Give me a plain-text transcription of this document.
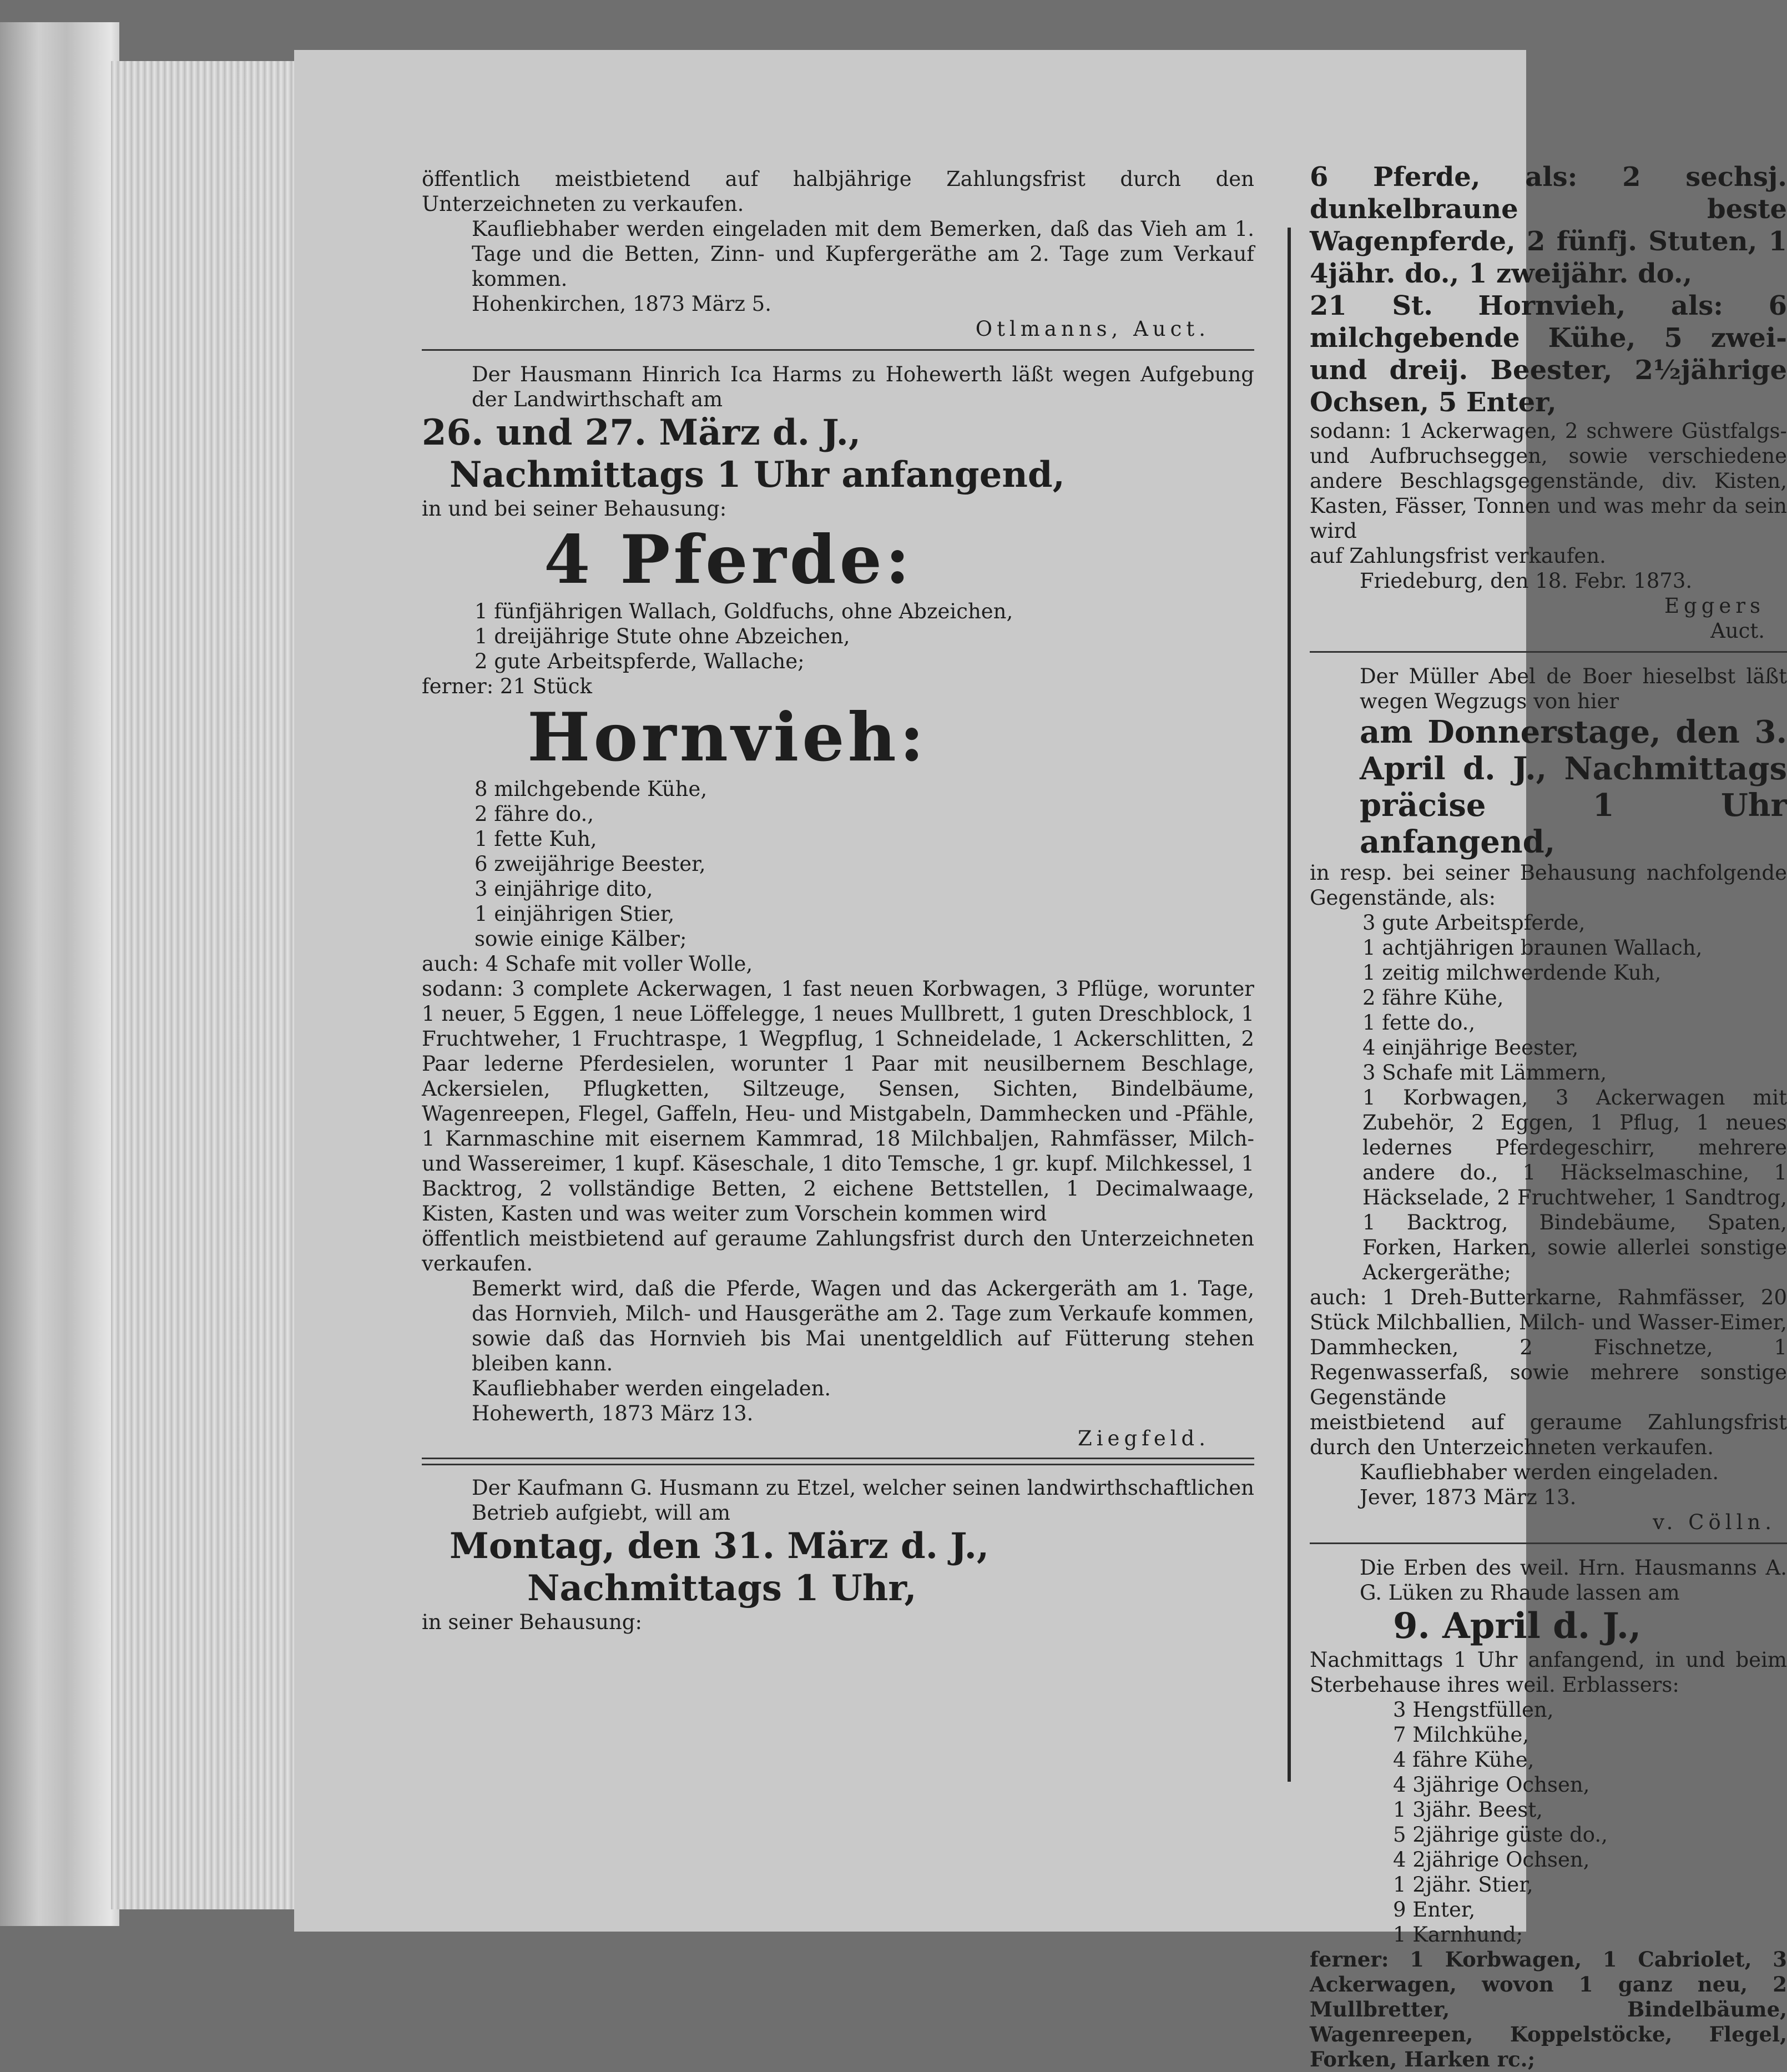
öffentlich meistbietend auf halbjährige Zahlungsfrist durch den Unterzeichneten zu verkaufen.

Kaufliebhaber werden eingeladen mit dem Bemerken, daß das Vieh am 1. Tage und die Betten, Zinn- und Kupfergeräthe am 2. Tage zum Verkauf kommen.

Hohenkirchen, 1873 März 5.

Otlmanns, Auct.

Der Hausmann Hinrich Ica Harms zu Hohewerth läßt wegen Aufgebung der Landwirthschaft am

26. und 27. März d. J.,

Nachmittags 1 Uhr anfangend,

in und bei seiner Behausung:

4 Pferde:

1 fünfjährigen Wallach, Goldfuchs, ohne Abzeichen,

1 dreijährige Stute ohne Abzeichen,

2 gute Arbeitspferde, Wallache;

ferner: 21 Stück

Hornvieh:

8 milchgebende Kühe,

2 fähre do.,

1 fette Kuh,

6 zweijährige Beester,

3 einjährige dito,

1 einjährigen Stier,

sowie einige Kälber;

auch: 4 Schafe mit voller Wolle,

sodann: 3 complete Ackerwagen, 1 fast neuen Korbwagen, 3 Pflüge, worunter 1 neuer, 5 Eggen, 1 neue Löffelegge, 1 neues Mullbrett, 1 guten Dreschblock, 1 Fruchtweher, 1 Fruchtraspe, 1 Wegpflug, 1 Schneidelade, 1 Ackerschlitten, 2 Paar lederne Pferdesielen, worunter 1 Paar mit neusilbernem Beschlage, Ackersielen, Pflugketten, Siltzeuge, Sensen, Sichten, Bindelbäume, Wagenreepen, Flegel, Gaffeln, Heu- und Mistgabeln, Dammhecken und -Pfähle, 1 Karnmaschine mit eisernem Kammrad, 18 Milchbaljen, Rahmfässer, Milch- und Wassereimer, 1 kupf. Käseschale, 1 dito Temsche, 1 gr. kupf. Milchkessel, 1 Backtrog, 2 vollständige Betten, 2 eichene Bettstellen, 1 Decimalwaage, Kisten, Kasten und was weiter zum Vorschein kommen wird

öffentlich meistbietend auf geraume Zahlungsfrist durch den Unterzeichneten verkaufen.

Bemerkt wird, daß die Pferde, Wagen und das Ackergeräth am 1. Tage, das Hornvieh, Milch- und Hausgeräthe am 2. Tage zum Verkaufe kommen, sowie daß das Hornvieh bis Mai unentgeldlich auf Fütterung stehen bleiben kann.

Kaufliebhaber werden eingeladen.

Hohewerth, 1873 März 13.

Ziegfeld.

Der Kaufmann G. Husmann zu Etzel, welcher seinen landwirthschaftlichen Betrieb aufgiebt, will am

Montag, den 31. März d. J.,

Nachmittags 1 Uhr,

in seiner Behausung:

6 Pferde, als: 2 sechsj. dunkelbraune beste Wagenpferde, 2 fünfj. Stuten, 1 4jähr. do., 1 zweijähr. do.,

21 St. Hornvieh, als: 6 milchgebende Kühe, 5 zwei- und dreij. Beester, 2½jährige Ochsen, 5 Enter,

sodann: 1 Ackerwagen, 2 schwere Güstfalgs- und Aufbruchseggen, sowie verschiedene andere Beschlagsgegenstände, div. Kisten, Kasten, Fässer, Tonnen und was mehr da sein wird

auf Zahlungsfrist verkaufen.

Friedeburg, den 18. Febr. 1873.

Eggers

Auct.

Der Müller Abel de Boer hieselbst läßt wegen Wegzugs von hier

am Donnerstage, den 3. April d. J., Nachmittags präcise 1 Uhr anfangend,

in resp. bei seiner Behausung nachfolgende Gegenstände, als:

3 gute Arbeitspferde,

1 achtjährigen braunen Wallach,

1 zeitig milchwerdende Kuh,

2 fähre Kühe,

1 fette do.,

4 einjährige Beester,

3 Schafe mit Lämmern,

1 Korbwagen, 3 Ackerwagen mit Zubehör, 2 Eggen, 1 Pflug, 1 neues ledernes Pferdegeschirr, mehrere andere do., 1 Häckselmaschine, 1 Häckselade, 2 Fruchtweher, 1 Sandtrog, 1 Backtrog, Bindebäume, Spaten, Forken, Harken, sowie allerlei sonstige Ackergeräthe;

auch: 1 Dreh-Butterkarne, Rahmfässer, 20 Stück Milchballien, Milch- und Wasser-Eimer, Dammhecken, 2 Fischnetze, 1 Regenwasserfaß, sowie mehrere sonstige Gegenstände

meistbietend auf geraume Zahlungsfrist durch den Unterzeichneten verkaufen.

Kaufliebhaber werden eingeladen.

Jever, 1873 März 13.

v. Cölln.

Die Erben des weil. Hrn. Hausmanns A. G. Lüken zu Rhaude lassen am

9. April d. J.,

Nachmittags 1 Uhr anfangend, in und beim Sterbehause ihres weil. Erblassers:

3 Hengstfüllen,

7 Milchkühe,

4 fähre Kühe,

4 3jährige Ochsen,

1 3jähr. Beest,

5 2jährige güste do.,

4 2jährige Ochsen,

1 2jähr. Stier,

9 Enter,

1 Karnhund;

ferner: 1 Korbwagen, 1 Cabriolet, 3 Ackerwagen, wovon 1 ganz neu, 2 Mullbretter, Bindelbäume, Wagenreepen, Koppelstöcke, Flegel, Forken, Harken rc.;
